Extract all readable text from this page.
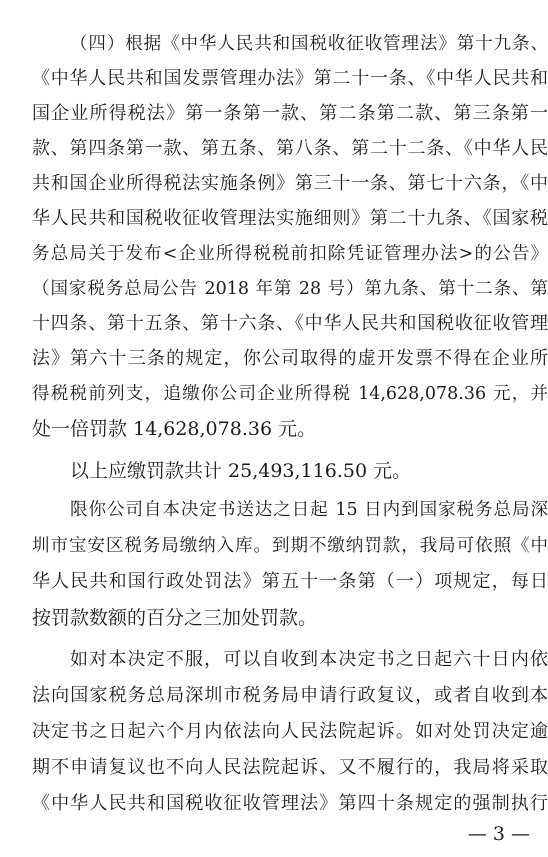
（四）根据《中华人民共和国税收征收管理法》第十九条、
《中华人民共和国发票管理办法》第二十一条、《中华人民共和
国企业所得税法》第一条第一款、第二条第二款、第三条第一
款、第四条第一款、第五条、第八条、第二十二条、《中华人民
共和国企业所得税法实施条例》第三十一条、第七十六条，《中
华人民共和国税收征收管理法实施细则》第二十九条、《国家税
务总局关于发布<企业所得税税前扣除凭证管理办法>的公告》
（国家税务总局公告 2018 年第 28 号）第九条、第十二条、第
十四条、第十五条、第十六条、《中华人民共和国税收征收管理
法》第六十三条的规定，你公司取得的虚开发票不得在企业所
得税税前列支，追缴你公司企业所得税 14,628,078.36 元，并
处一倍罚款 14,628,078.36 元。
以上应缴罚款共计 25,493,116.50 元。
限你公司自本决定书送达之日起 15 日内到国家税务总局深
圳市宝安区税务局缴纳入库。到期不缴纳罚款，我局可依照《中
华人民共和国行政处罚法》第五十一条第（一）项规定，每日
按罚款数额的百分之三加处罚款。
如对本决定不服，可以自收到本决定书之日起六十日内依
法向国家税务总局深圳市税务局申请行政复议，或者自收到本
决定书之日起六个月内依法向人民法院起诉。如对处罚决定逾
期不申请复议也不向人民法院起诉、又不履行的，我局将采取
《中华人民共和国税收征收管理法》第四十条规定的强制执行
— 3 —
